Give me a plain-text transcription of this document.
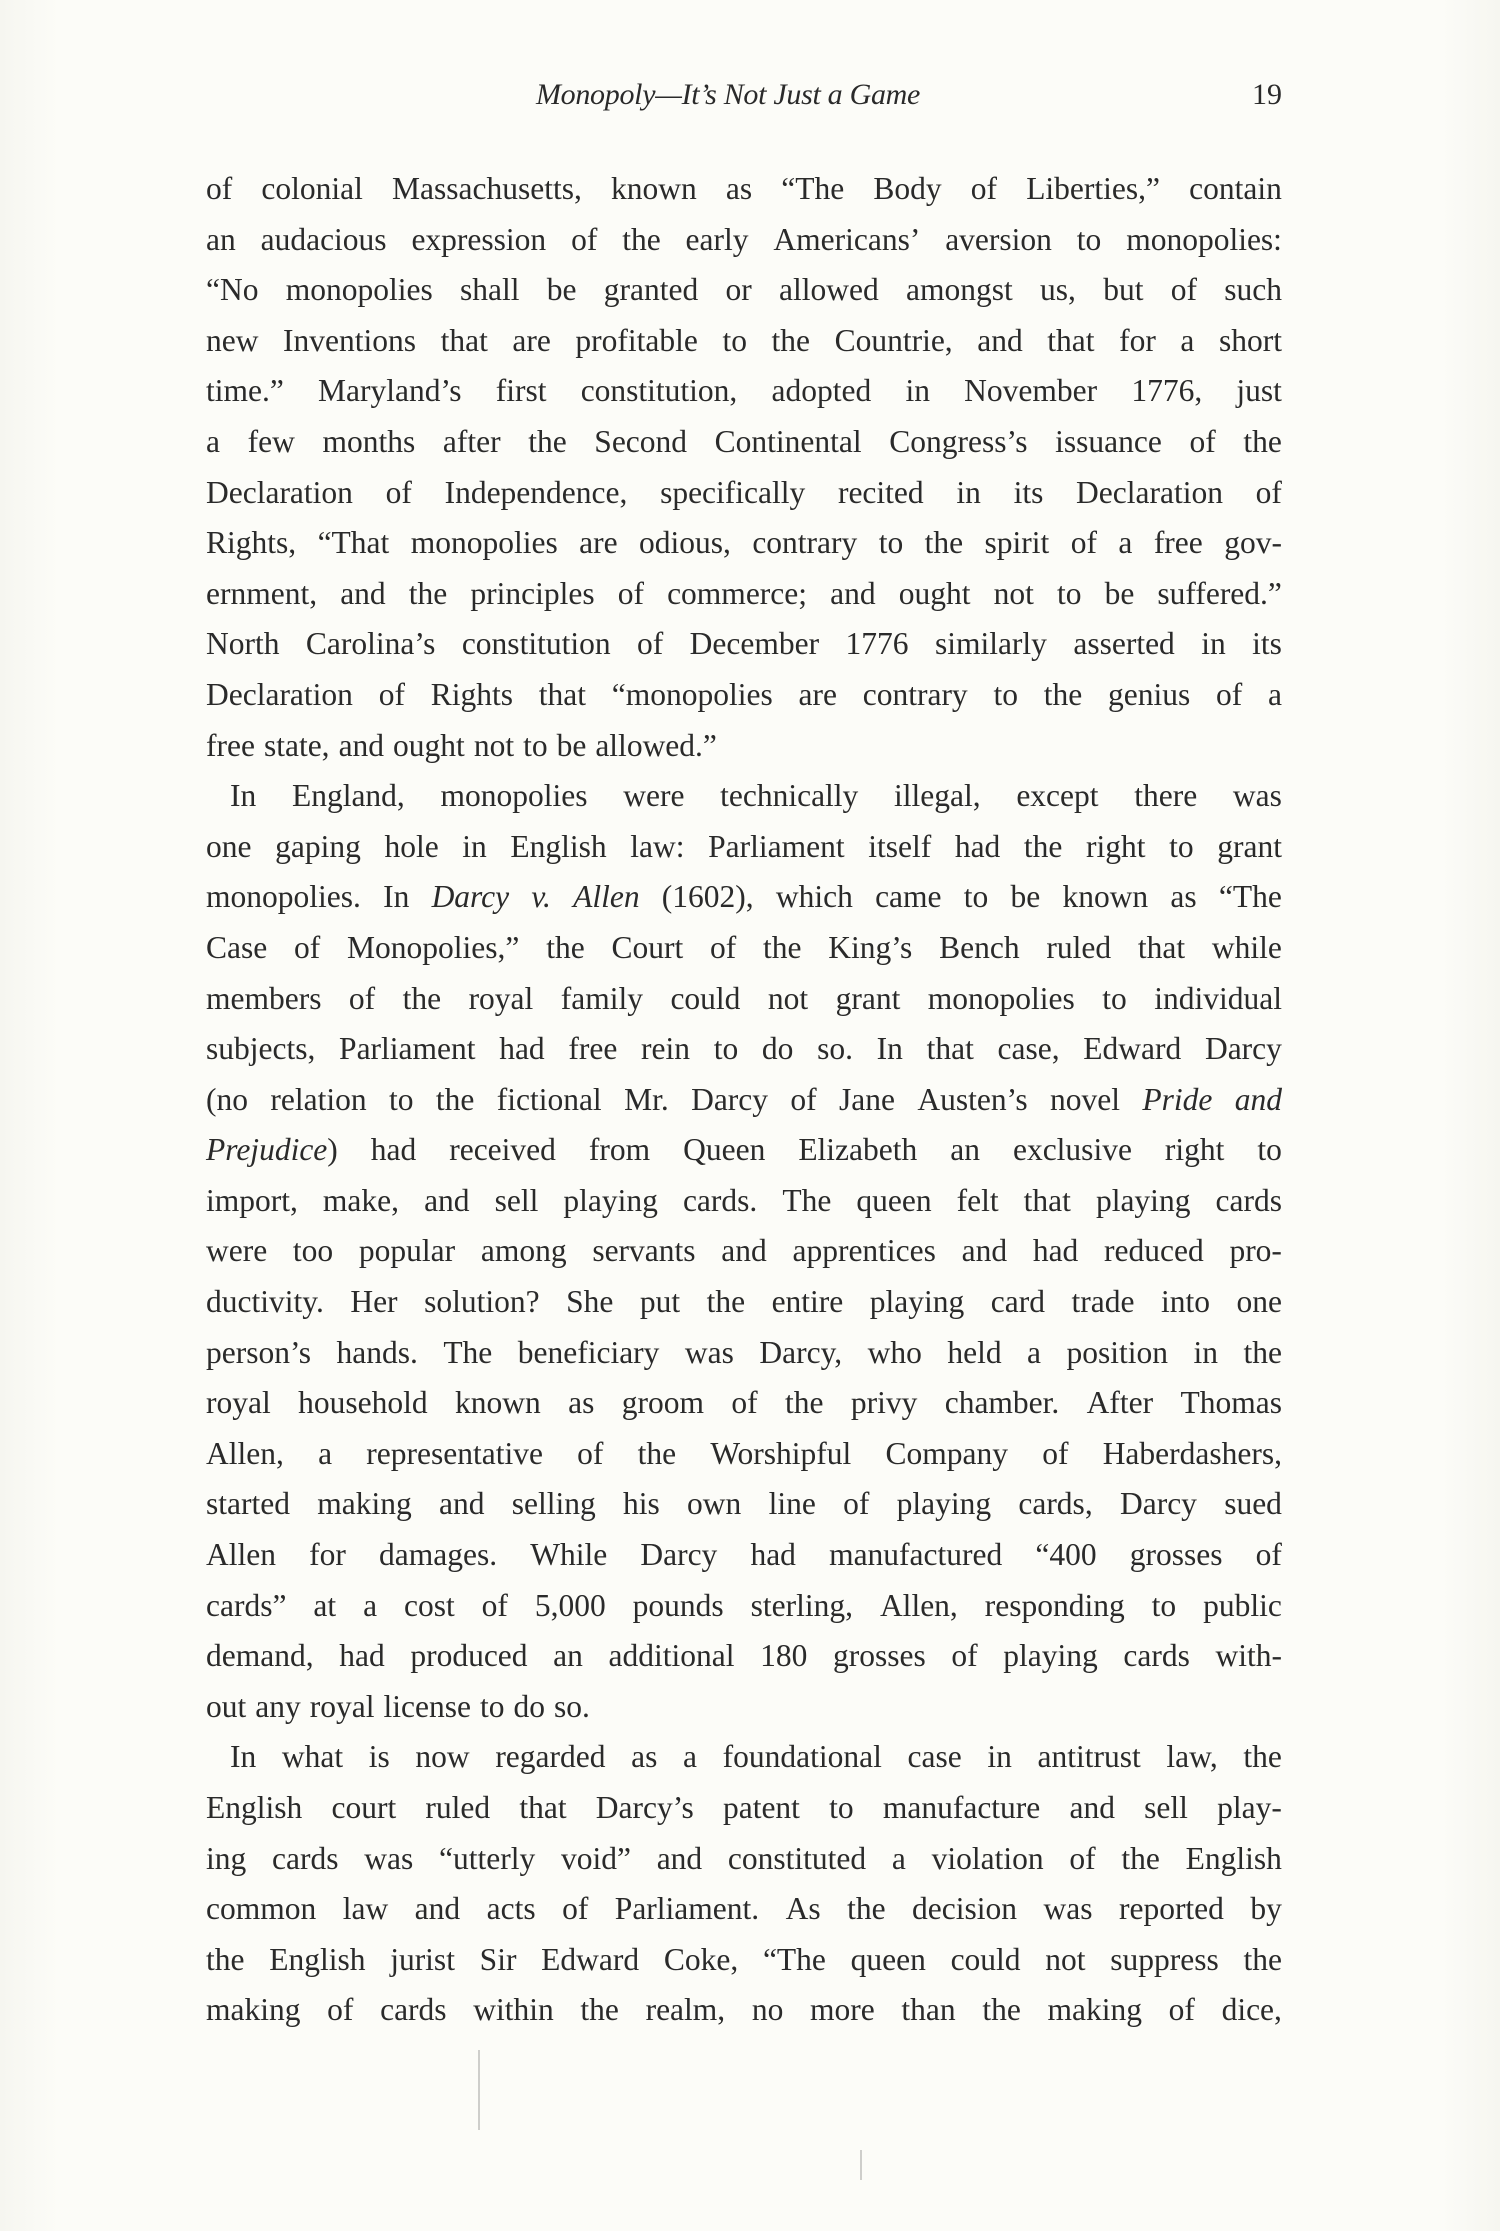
Monopoly—It’s Not Just a Game	19
of colonial Massachusetts, known as “The Body of Liberties,” contain
an audacious expression of the early Americans’ aversion to monopolies:
“No monopolies shall be granted or allowed amongst us, but of such
new Inventions that are profitable to the Countrie, and that for a short
time.” Maryland’s first constitution, adopted in November 1776, just
a few months after the Second Continental Congress’s issuance of the
Declaration of Independence, specifically recited in its Declaration of
Rights, “That monopolies are odious, contrary to the spirit of a free gov-
ernment, and the principles of commerce; and ought not to be suffered.”
North Carolina’s constitution of December 1776 similarly asserted in its
Declaration of Rights that “monopolies are contrary to the genius of a
free state, and ought not to be allowed.”
In England, monopolies were technically illegal, except there was
one gaping hole in English law: Parliament itself had the right to grant
monopolies. In Darcy v. Allen (1602), which came to be known as “The
Case of Monopolies,” the Court of the King’s Bench ruled that while
members of the royal family could not grant monopolies to individual
subjects, Parliament had free rein to do so. In that case, Edward Darcy
(no relation to the fictional Mr. Darcy of Jane Austen’s novel Pride and
Prejudice) had received from Queen Elizabeth an exclusive right to
import, make, and sell playing cards. The queen felt that playing cards
were too popular among servants and apprentices and had reduced pro-
ductivity. Her solution? She put the entire playing card trade into one
person’s hands. The beneficiary was Darcy, who held a position in the
royal household known as groom of the privy chamber. After Thomas
Allen, a representative of the Worshipful Company of Haberdashers,
started making and selling his own line of playing cards, Darcy sued
Allen for damages. While Darcy had manufactured “400 grosses of
cards” at a cost of 5,000 pounds sterling, Allen, responding to public
demand, had produced an additional 180 grosses of playing cards with-
out any royal license to do so.
In what is now regarded as a foundational case in antitrust law, the
English court ruled that Darcy’s patent to manufacture and sell play-
ing cards was “utterly void” and constituted a violation of the English
common law and acts of Parliament. As the decision was reported by
the English jurist Sir Edward Coke, “The queen could not suppress the
making of cards within the realm, no more than the making of dice,
